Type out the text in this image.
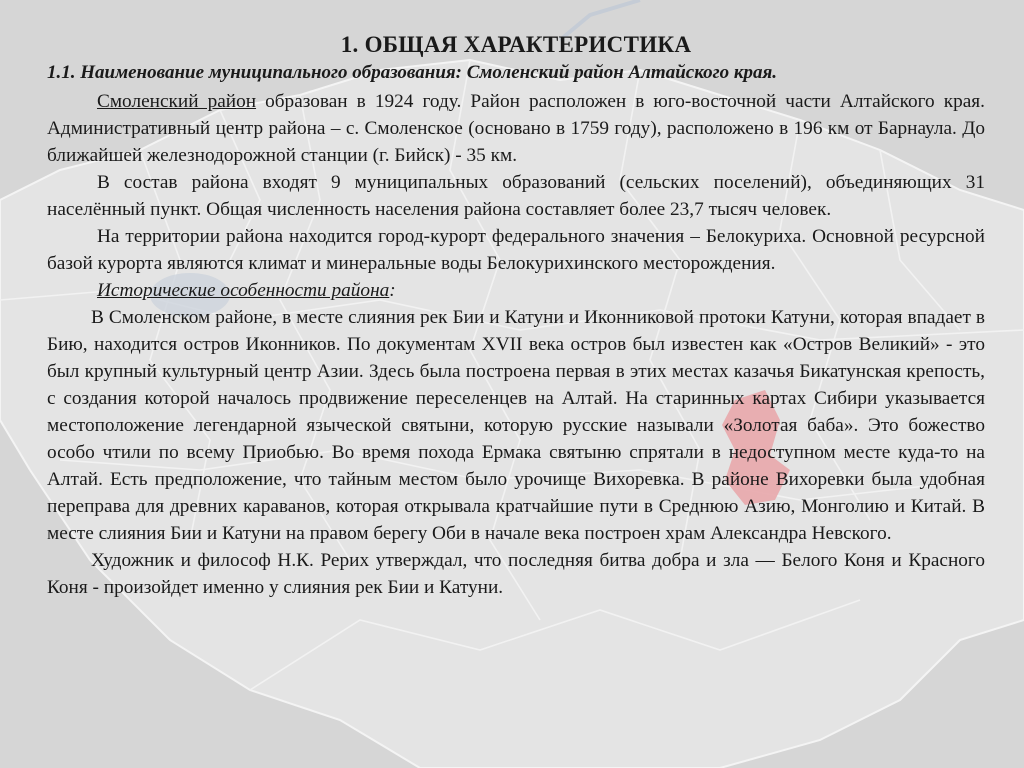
1. ОБЩАЯ ХАРАКТЕРИСТИКА
1.1. Наименование муниципального образования: Смоленский район Алтайского края.

Смоленский район образован в 1924 году. Район расположен в юго-восточной части Алтайского края. Административный центр района – с. Смоленское (основано в 1759 году), расположено в 196 км от Барнаула. До ближайшей железнодорожной станции (г. Бийск) - 35 км.

В состав района входят 9 муниципальных образований (сельских поселений), объединяющих 31 населённый пункт. Общая численность населения района составляет более 23,7 тысяч человек.

На территории района находится город-курорт федерального значения – Белокуриха. Основной ресурсной базой курорта являются климат и минеральные воды Белокурихинского месторождения.

Исторические особенности района:

В Смоленском районе, в месте слияния рек Бии и Катуни и Иконниковой протоки Катуни, которая впадает в Бию, находится остров Иконников. По документам XVII века остров был известен как «Остров Великий» - это был крупный культурный центр Азии. Здесь была построена первая в этих местах казачья Бикатунская крепость, с создания которой началось продвижение переселенцев на Алтай. На старинных картах Сибири указывается местоположение легендарной языческой святыни, которую русские называли «Золотая баба». Это божество особо чтили по всему Приобью. Во время похода Ермака святыню спрятали в недоступном месте куда-то на Алтай. Есть предположение, что тайным местом было урочище Вихоревка. В районе Вихоревки была удобная переправа для древних караванов, которая открывала кратчайшие пути в Среднюю Азию, Монголию и Китай. В месте слияния Бии и Катуни на правом берегу Оби в начале века построен храм Александра Невского.

Художник и философ Н.К. Рерих утверждал, что последняя битва добра и зла — Белого Коня и Красного Коня - произойдет именно у слияния рек Бии и Катуни.
